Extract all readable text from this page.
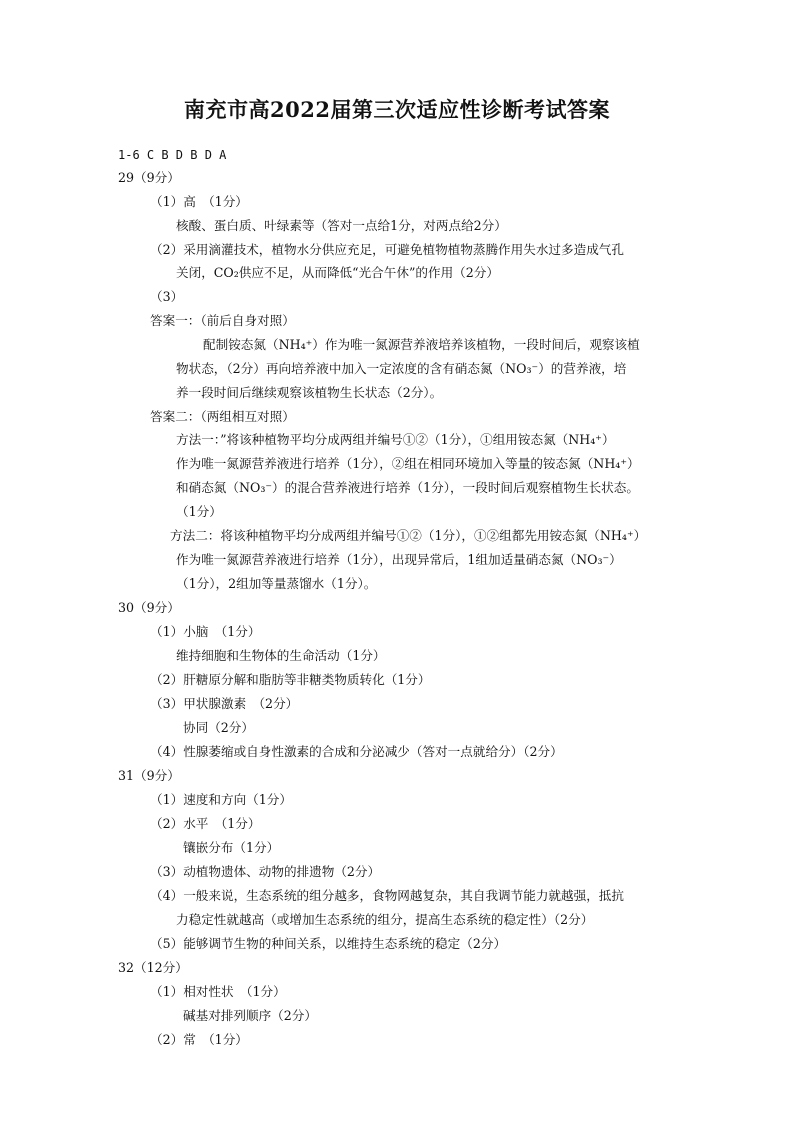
南充市高2022届第三次适应性诊断考试答案
1-6 C B D B D A
29（9分）
（1）高　（1分）
核酸、蛋白质、叶绿素等（答对一点给1分，对两点给2分）
（2）采用滴灌技术，植物水分供应充足，可避免植物植物蒸腾作用失水过多造成气孔
关闭，CO₂供应不足，从而降低“光合午休”的作用（2分）
（3）
答案一：（前后自身对照）
配制铵态氮（NH₄⁺）作为唯一氮源营养液培养该植物，一段时间后，观察该植
物状态，（2分）再向培养液中加入一定浓度的含有硝态氮（NO₃⁻）的营养液，培
养一段时间后继续观察该植物生长状态（2分）。
答案二：（两组相互对照）
方法一：”将该种植物平均分成两组并编号①②（1分），①组用铵态氮（NH₄⁺）
作为唯一氮源营养液进行培养（1分），②组在相同环境加入等量的铵态氮（NH₄⁺）
和硝态氮（NO₃⁻）的混合营养液进行培养（1分），一段时间后观察植物生长状态。
（1分）
方法二：将该种植物平均分成两组并编号①②（1分），①②组都先用铵态氮（NH₄⁺）
作为唯一氮源营养液进行培养（1分），出现异常后，1组加适量硝态氮（NO₃⁻）
（1分），2组加等量蒸馏水（1分）。
30（9分）
（1）小脑　（1分）
维持细胞和生物体的生命活动（1分）
（2）肝糖原分解和脂肪等非糖类物质转化（1分）
（3）甲状腺激素　（2分）
协同（2分）
（4）性腺萎缩或自身性激素的合成和分泌减少（答对一点就给分）（2分）
31（9分）
（1）速度和方向（1分）
（2）水平　（1分）
镶嵌分布（1分）
（3）动植物遗体、动物的排遗物（2分）
（4）一般来说，生态系统的组分越多，食物网越复杂，其自我调节能力就越强，抵抗
力稳定性就越高（或增加生态系统的组分，提高生态系统的稳定性）（2分）
（5）能够调节生物的种间关系，以维持生态系统的稳定（2分）
32（12分）
（1）相对性状　（1分）
碱基对排列顺序（2分）
（2）常　（1分）
